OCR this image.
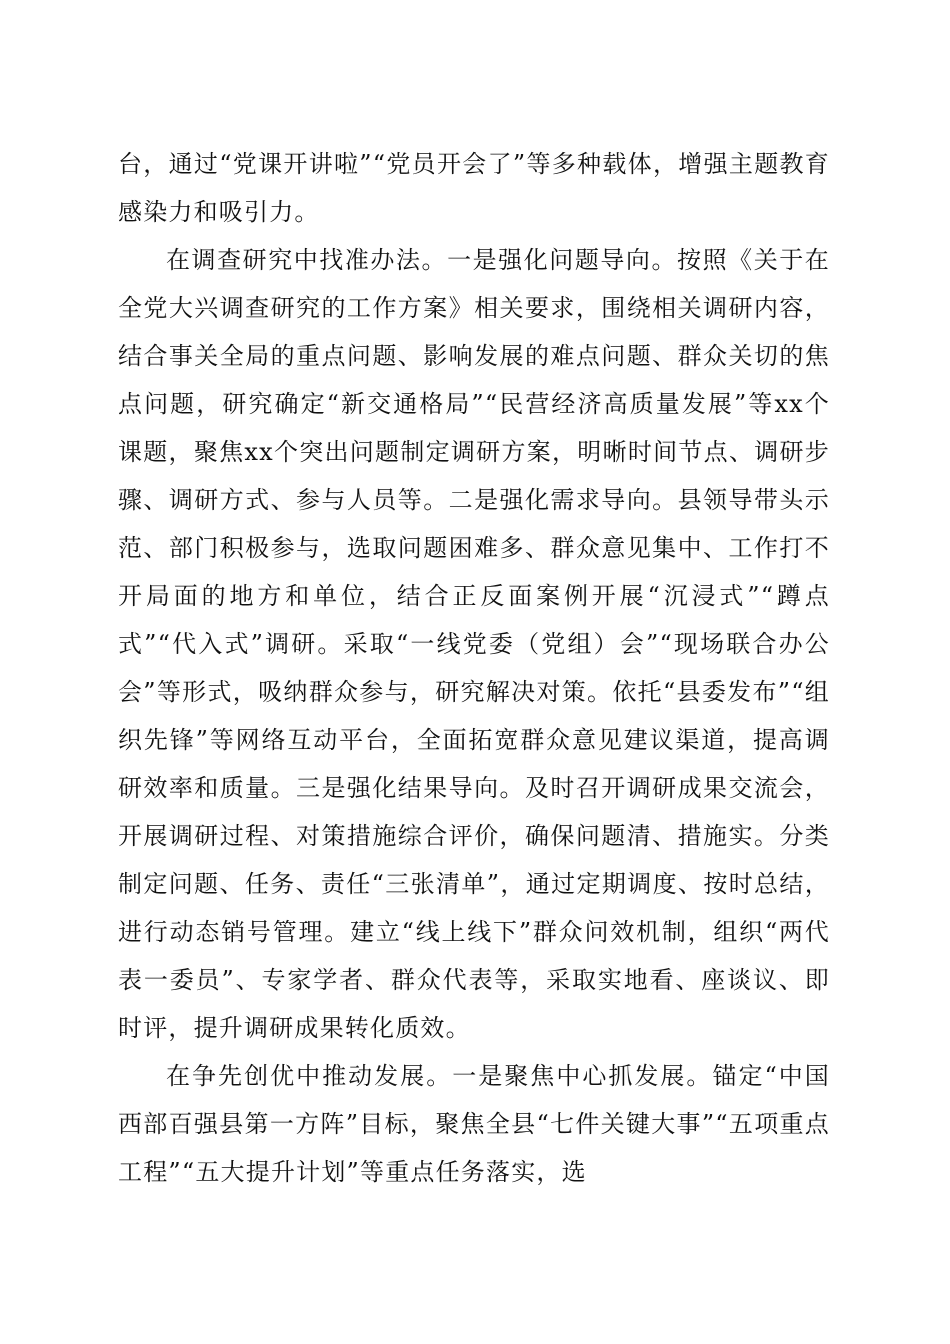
台，通过“党课开讲啦”“党员开会了”等多种载体，增强主题教育感染力和吸引力。

在调查研究中找准办法。一是强化问题导向。按照《关于在全党大兴调查研究的工作方案》相关要求，围绕相关调研内容，结合事关全局的重点问题、影响发展的难点问题、群众关切的焦点问题，研究确定“新交通格局”“民营经济高质量发展”等xx个课题，聚焦xx个突出问题制定调研方案，明晰时间节点、调研步骤、调研方式、参与人员等。二是强化需求导向。县领导带头示范、部门积极参与，选取问题困难多、群众意见集中、工作打不开局面的地方和单位，结合正反面案例开展“沉浸式”“蹲点式”“代入式”调研。采取“一线党委（党组）会”“现场联合办公会”等形式，吸纳群众参与，研究解决对策。依托“县委发布”“组织先锋”等网络互动平台，全面拓宽群众意见建议渠道，提高调研效率和质量。三是强化结果导向。及时召开调研成果交流会，开展调研过程、对策措施综合评价，确保问题清、措施实。分类制定问题、任务、责任“三张清单”，通过定期调度、按时总结，进行动态销号管理。建立“线上线下”群众问效机制，组织“两代表一委员”、专家学者、群众代表等，采取实地看、座谈议、即时评，提升调研成果转化质效。

在争先创优中推动发展。一是聚焦中心抓发展。锚定“中国西部百强县第一方阵”目标，聚焦全县“七件关键大事”“五项重点工程”“五大提升计划”等重点任务落实，选
